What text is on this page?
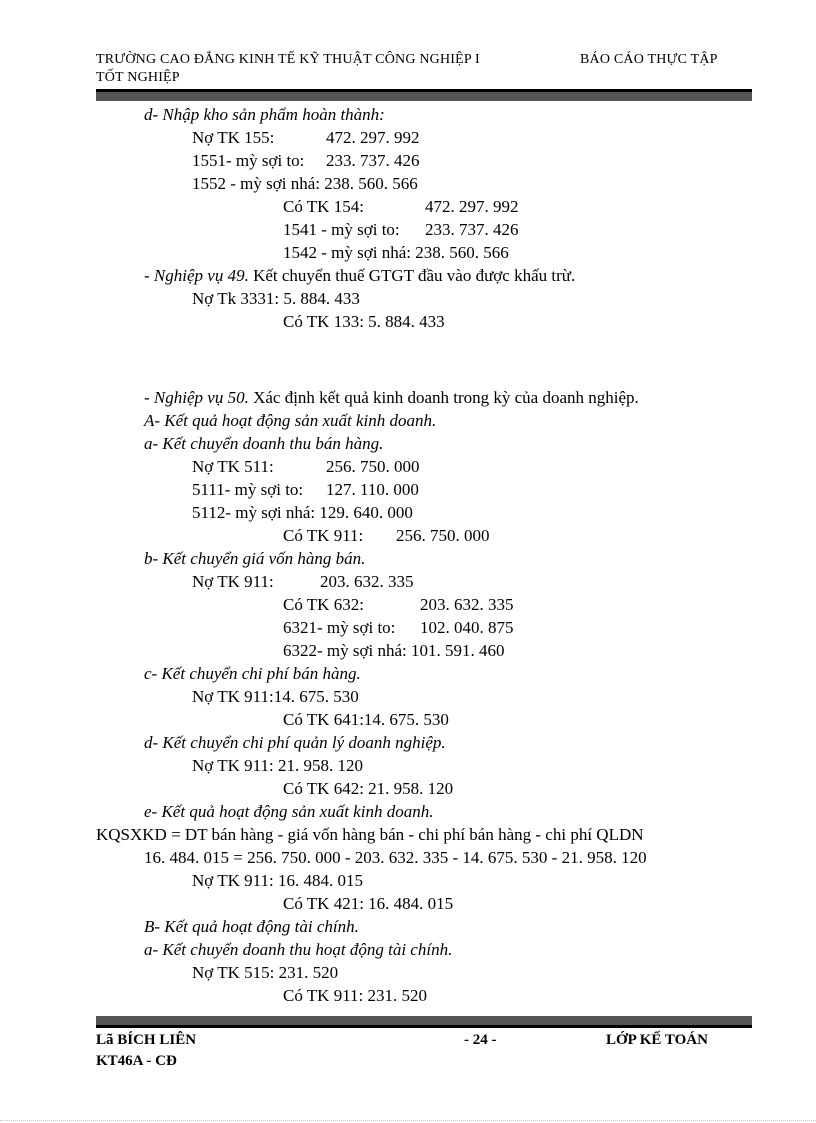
TRƯỜNG CAO ĐẲNG KINH TẾ KỸ THUẬT CÔNG NGHIỆP I	BÁO CÁO THỰC TẬP
TỐT NGHIỆP
d- Nhập kho sản phẩm hoàn thành:
Nợ TK 155:	472. 297. 992
1551- mỳ sợi to: 233. 737. 426
1552 - mỳ sợi nhá: 238. 560. 566
Có TK 154:	472. 297. 992
1541 - mỳ sợi to: 233. 737. 426
1542 - mỳ sợi nhá: 238. 560. 566
- Nghiệp vụ 49. Kết chuyển thuế GTGT đầu vào được khấu trừ.
Nợ Tk 3331: 5. 884. 433
Có TK 133: 5. 884. 433
- Nghiệp vụ 50. Xác định kết quả kinh doanh trong kỳ của doanh nghiệp.
A- Kết quả hoạt động sản xuất kinh doanh.
a- Kết chuyển doanh thu bán hàng.
Nợ TK 511:	256. 750. 000
5111- mỳ sợi to: 127. 110. 000
5112- mỳ sợi nhá: 129. 640. 000
Có TK 911: 256. 750. 000
b- Kết chuyển giá vốn hàng bán.
Nợ TK 911:	203. 632. 335
Có TK 632:	203. 632. 335
6321- mỳ sợi to: 102. 040. 875
6322- mỳ sợi nhá: 101. 591. 460
c- Kết chuyển chi phí bán hàng.
Nợ TK 911:14. 675. 530
Có TK 641:14. 675. 530
d- Kết chuyển chi phí quản lý doanh nghiệp.
Nợ TK 911: 21. 958. 120
Có TK 642: 21. 958. 120
e- Kết quả hoạt động sản xuất kinh doanh.
KQSXKD = DT bán hàng - giá vốn hàng bán - chi phí bán hàng - chi phí QLDN
16. 484. 015 = 256. 750. 000 - 203. 632. 335 - 14. 675. 530 - 21. 958. 120
Nợ TK 911: 16. 484. 015
Có TK 421: 16. 484. 015
B- Kết quả hoạt động tài chính.
a- Kết chuyển doanh thu hoạt động tài chính.
Nợ TK 515: 231. 520
Có TK 911: 231. 520
Lã BÍCH LIÊN	- 24 -	LỚP KẾ TOÁN
KT46A - CĐ
